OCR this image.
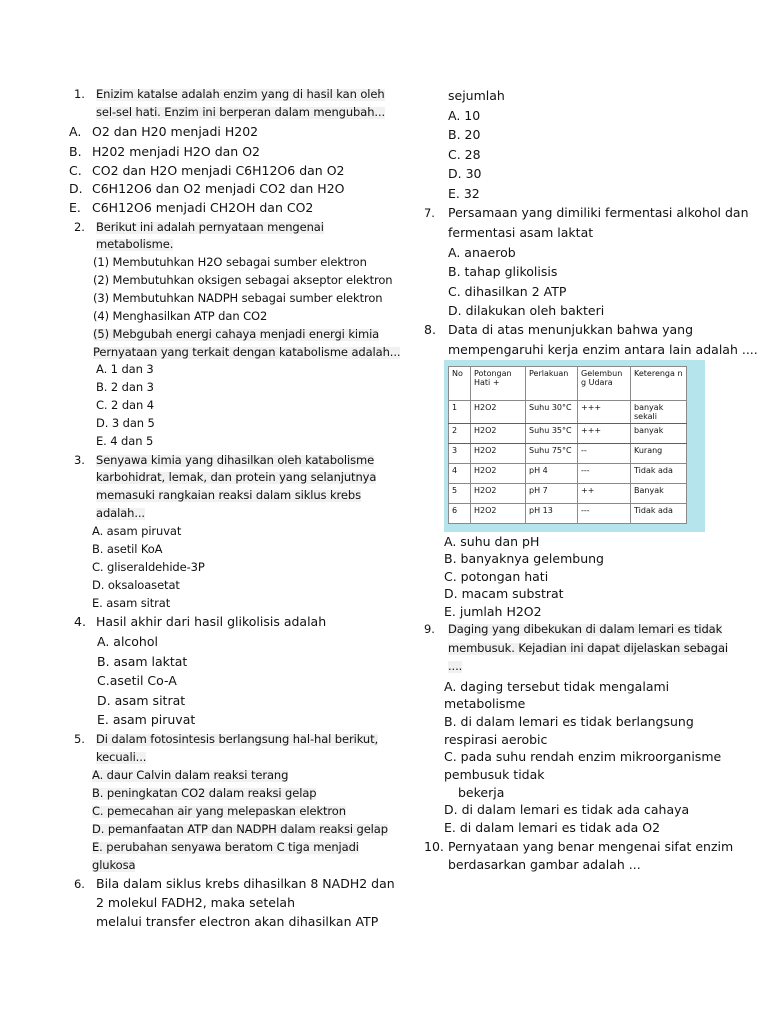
1. Enizim katalse adalah enzim yang di hasil kan oleh
sel-sel hati. Enzim ini berperan dalam mengubah...
A. O2 dan H20 menjadi H202
B. H202 menjadi H2O dan O2
C. CO2 dan H2O menjadi C6H12O6 dan O2
D. C6H12O6 dan O2 menjadi CO2 dan H2O
E. C6H12O6 menjadi CH2OH dan CO2
2. Berikut ini adalah pernyataan mengenai
metabolisme.
(1) Membutuhkan H2O sebagai sumber elektron
(2) Membutuhkan oksigen sebagai akseptor elektron
(3) Membutuhkan NADPH sebagai sumber elektron
(4) Menghasilkan ATP dan CO2
(5) Mebgubah energi cahaya menjadi energi kimia
Pernyataan yang terkait dengan katabolisme adalah...
A. 1 dan 3
B. 2 dan 3
C. 2 dan 4
D. 3 dan 5
E. 4 dan 5
3. Senyawa kimia yang dihasilkan oleh katabolisme
karbohidrat, lemak, dan protein yang selanjutnya
memasuki rangkaian reaksi dalam siklus krebs
adalah...
A. asam piruvat
B. asetil KoA
C. gliseraldehide-3P
D. oksaloasetat
E. asam sitrat
4. Hasil akhir dari hasil glikolisis adalah
A. alcohol
B. asam laktat
C.asetil Co-A
D. asam sitrat
E. asam piruvat
5. Di dalam fotosintesis berlangsung hal-hal berikut,
kecuali...
A. daur Calvin dalam reaksi terang
B. peningkatan CO2 dalam reaksi gelap
C. pemecahan air yang melepaskan elektron
D. pemanfaatan ATP dan NADPH dalam reaksi gelap
E. perubahan senyawa beratom C tiga menjadi
glukosa
6. Bila dalam siklus krebs dihasilkan 8 NADH2 dan
2 molekul FADH2, maka setelah
melalui transfer electron akan dihasilkan ATP
sejumlah
A. 10
B. 20
C. 28
D. 30
E. 32
7. Persamaan yang dimiliki fermentasi alkohol dan
fermentasi asam laktat
A. anaerob
B. tahap glikolisis
C. dihasilkan 2 ATP
D. dilakukan oleh bakteri
8. Data di atas menunjukkan bahwa yang
mempengaruhi kerja enzim antara lain adalah ....
No	Potongan Hati +	Perlakuan	Gelembun g Udara	Keterenga n
1	H2O2	Suhu 30°C	+++	banyak sekali
2	H2O2	Suhu 35°C	+++	banyak
3	H2O2	Suhu 75°C	--	Kurang
4	H2O2	pH 4	---	Tidak ada
5	H2O2	pH 7	++	Banyak
6	H2O2	pH 13	---	Tidak ada
A. suhu dan pH
B. banyaknya gelembung
C. potongan hati
D. macam substrat
E. jumlah H2O2
9. Daging yang dibekukan di dalam lemari es tidak
membusuk. Kejadian ini dapat dijelaskan sebagai
....
A. daging tersebut tidak mengalami
metabolisme
B. di dalam lemari es tidak berlangsung
respirasi aerobic
C. pada suhu rendah enzim mikroorganisme
pembusuk tidak
bekerja
D. di dalam lemari es tidak ada cahaya
E. di dalam lemari es tidak ada O2
10. Pernyataan yang benar mengenai sifat enzim
berdasarkan gambar adalah ...
